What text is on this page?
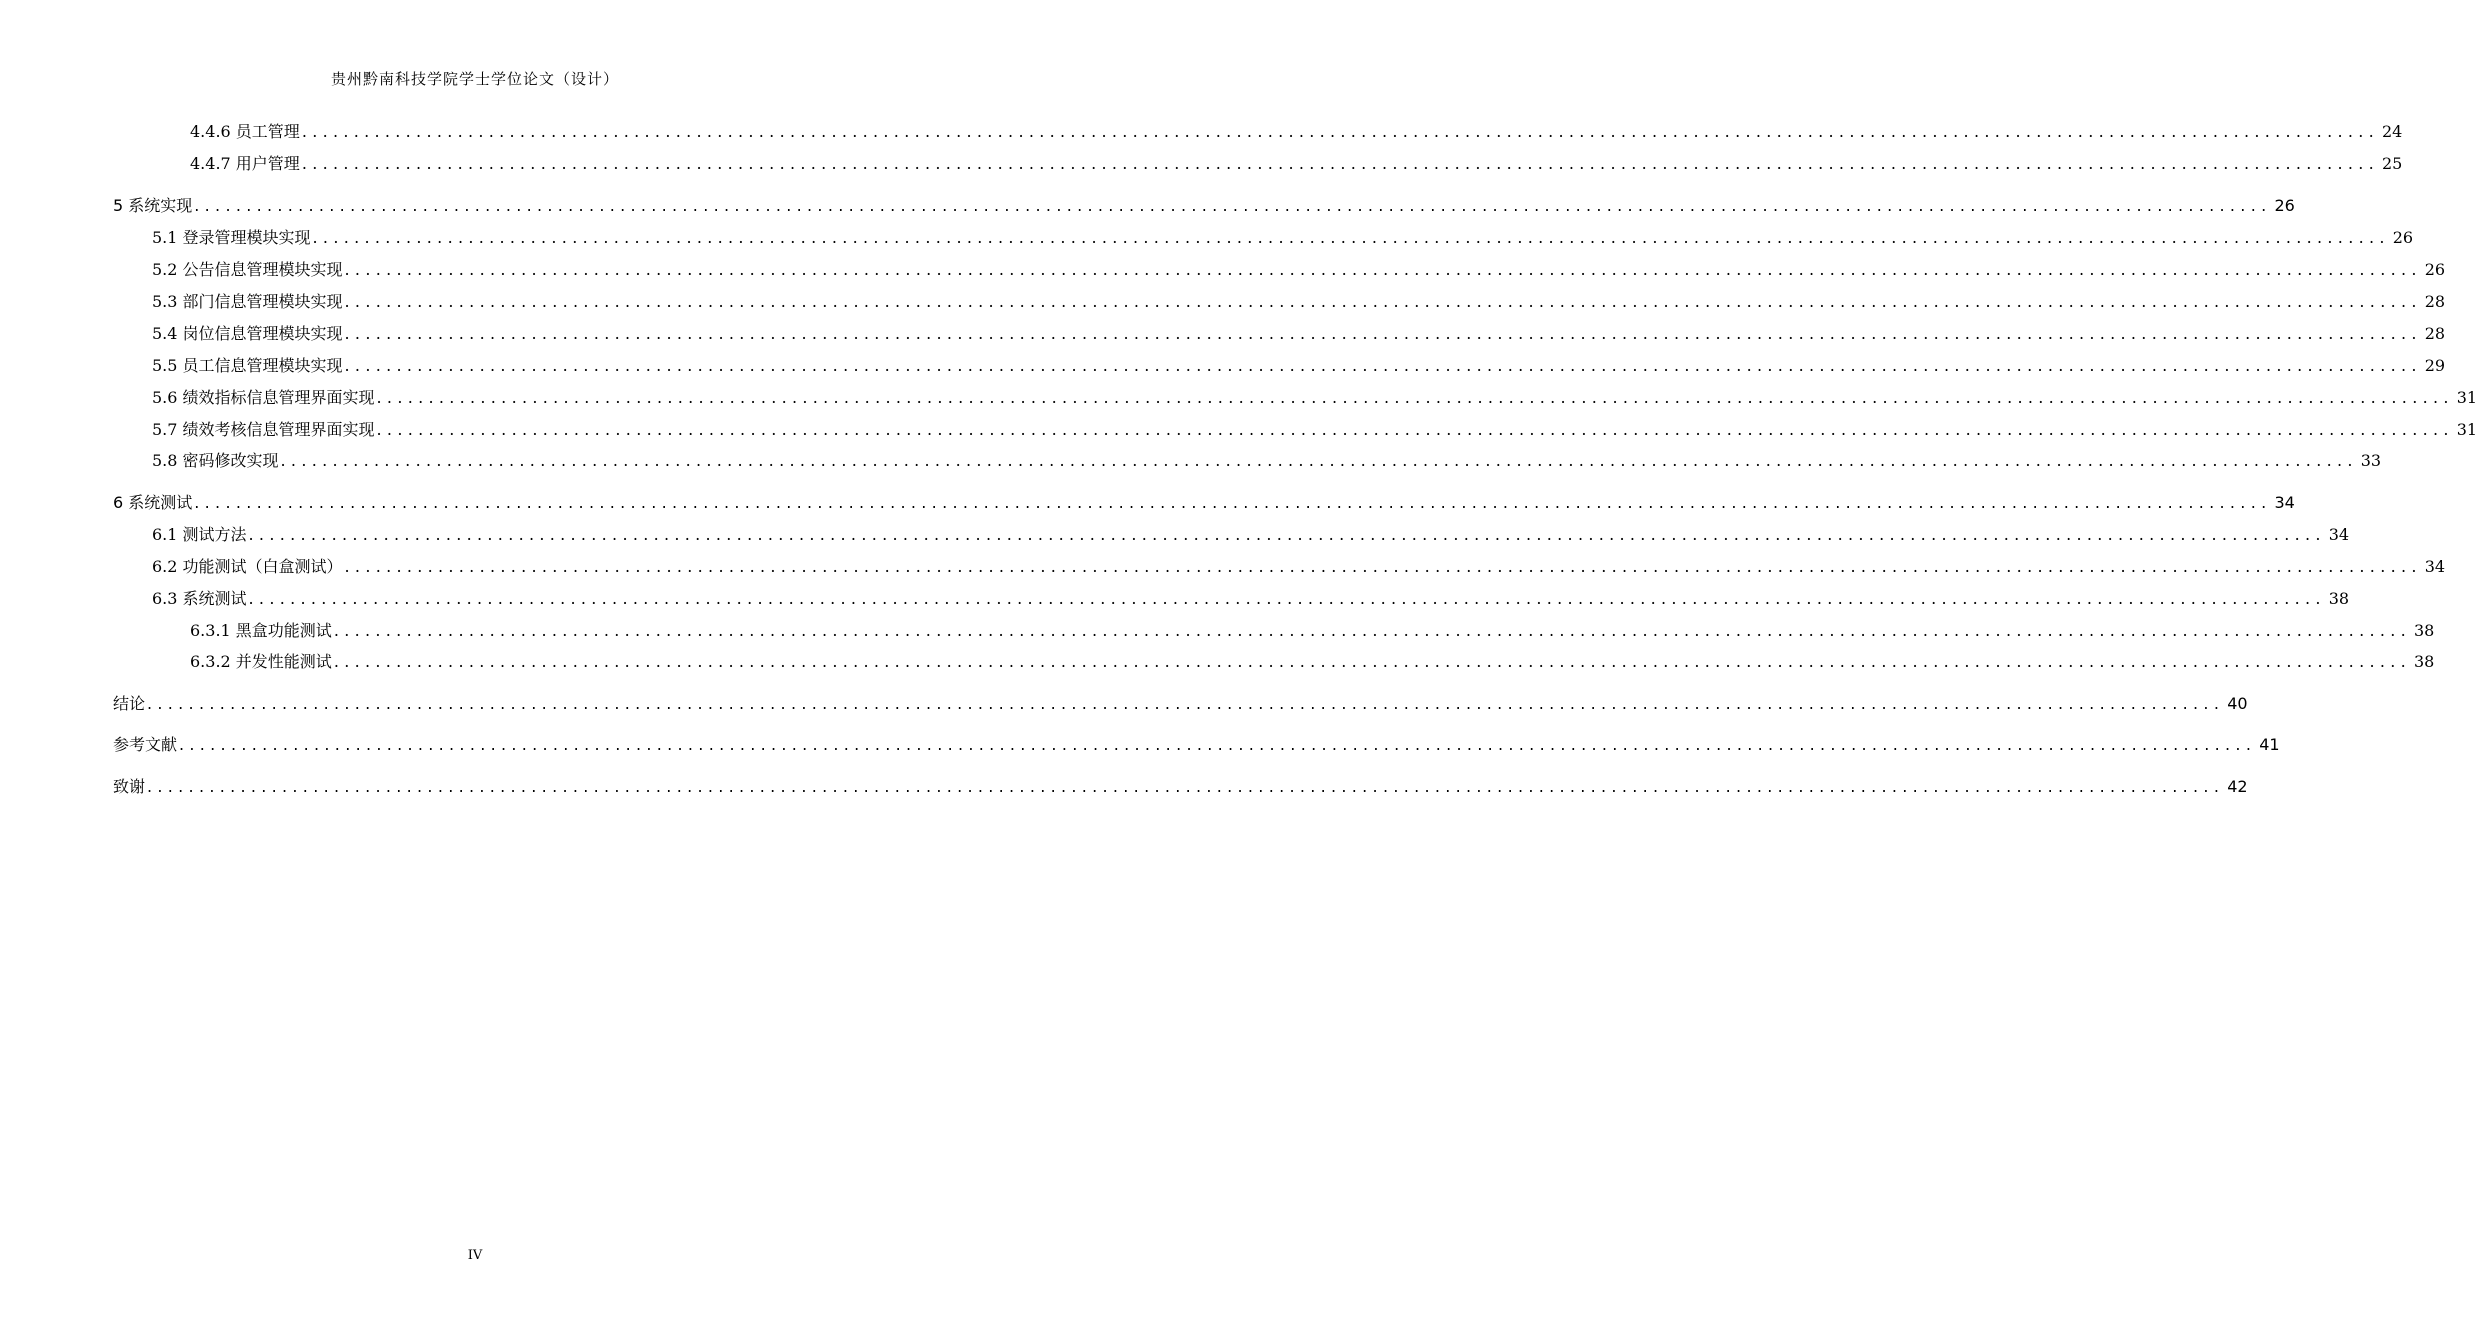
贵州黔南科技学院学士学位论文（设计）
4.4.6 员工管理 ........................................................................................................................................................................................................ 24
4.4.7 用户管理 ........................................................................................................................................................................................................ 25
5 系统实现 ........................................................................................................................................................................................................ 26
5.1 登录管理模块实现 ........................................................................................................................................................................................................ 26
5.2 公告信息管理模块实现 ........................................................................................................................................................................................................ 26
5.3 部门信息管理模块实现 ........................................................................................................................................................................................................ 28
5.4 岗位信息管理模块实现 ........................................................................................................................................................................................................ 28
5.5 员工信息管理模块实现 ........................................................................................................................................................................................................ 29
5.6 绩效指标信息管理界面实现 ........................................................................................................................................................................................................ 31
5.7 绩效考核信息管理界面实现 ........................................................................................................................................................................................................ 31
5.8 密码修改实现 ........................................................................................................................................................................................................ 33
6 系统测试 ........................................................................................................................................................................................................ 34
6.1 测试方法 ........................................................................................................................................................................................................ 34
6.2 功能测试（白盒测试） ........................................................................................................................................................................................................ 34
6.3 系统测试 ........................................................................................................................................................................................................ 38
6.3.1 黑盒功能测试 ........................................................................................................................................................................................................ 38
6.3.2 并发性能测试 ........................................................................................................................................................................................................ 38
结论 ........................................................................................................................................................................................................ 40
参考文献 ........................................................................................................................................................................................................ 41
致谢 ........................................................................................................................................................................................................ 42
IV
